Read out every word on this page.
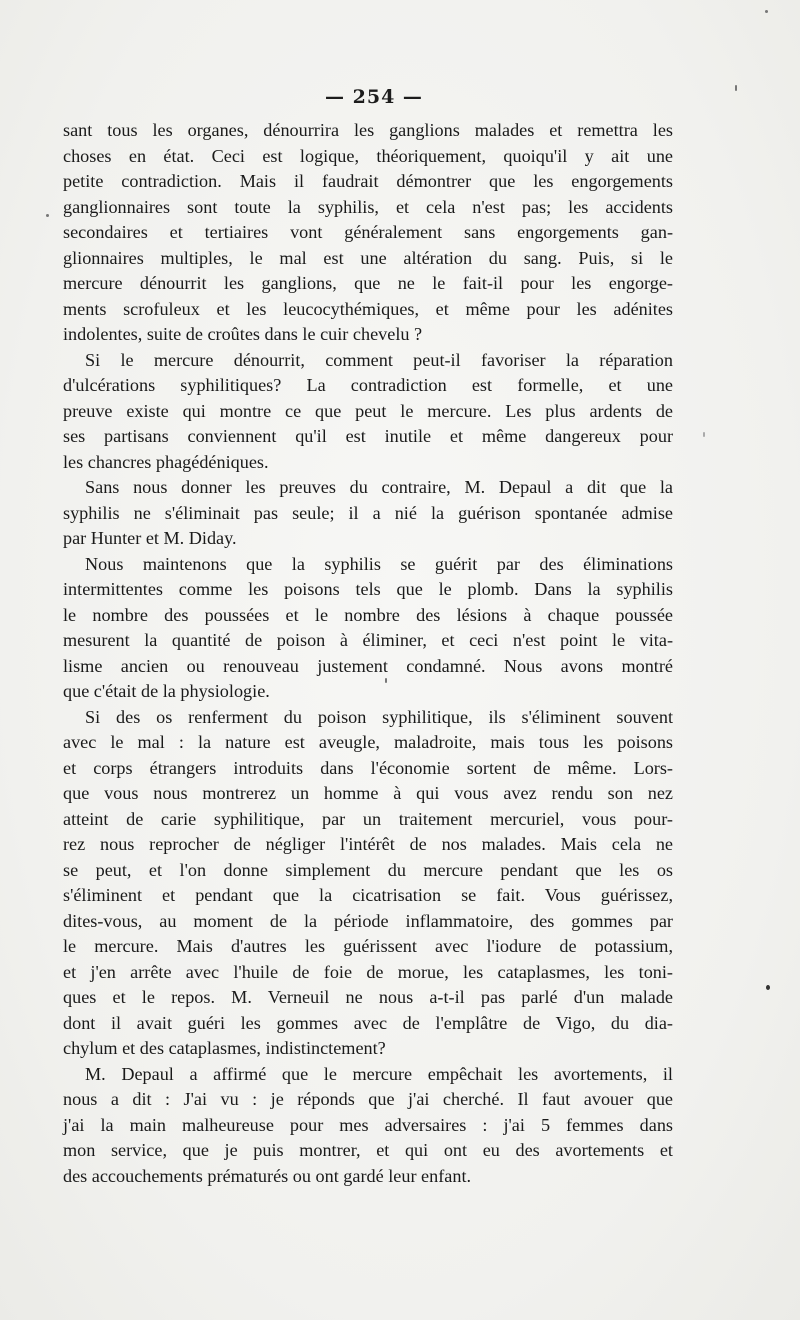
— 254 —
sant tous les organes, dénourrira les ganglions malades et remettra les
choses en état. Ceci est logique, théoriquement, quoiqu'il y ait une
petite contradiction. Mais il faudrait démontrer que les engorgements
ganglionnaires sont toute la syphilis, et cela n'est pas; les accidents
secondaires et tertiaires vont généralement sans engorgements gan-
glionnaires multiples, le mal est une altération du sang. Puis, si le
mercure dénourrit les ganglions, que ne le fait-il pour les engorge-
ments scrofuleux et les leucocythémiques, et même pour les adénites
indolentes, suite de croûtes dans le cuir chevelu ?
Si le mercure dénourrit, comment peut-il favoriser la réparation
d'ulcérations syphilitiques? La contradiction est formelle, et une
preuve existe qui montre ce que peut le mercure. Les plus ardents de
ses partisans conviennent qu'il est inutile et même dangereux pour
les chancres phagédéniques.
Sans nous donner les preuves du contraire, M. Depaul a dit que la
syphilis ne s'éliminait pas seule; il a nié la guérison spontanée admise
par Hunter et M. Diday.
Nous maintenons que la syphilis se guérit par des éliminations
intermittentes comme les poisons tels que le plomb. Dans la syphilis
le nombre des poussées et le nombre des lésions à chaque poussée
mesurent la quantité de poison à éliminer, et ceci n'est point le vita-
lisme ancien ou renouveau justement condamné. Nous avons montré
que c'était de la physiologie.
Si des os renferment du poison syphilitique, ils s'éliminent souvent
avec le mal : la nature est aveugle, maladroite, mais tous les poisons
et corps étrangers introduits dans l'économie sortent de même. Lors-
que vous nous montrerez un homme à qui vous avez rendu son nez
atteint de carie syphilitique, par un traitement mercuriel, vous pour-
rez nous reprocher de négliger l'intérêt de nos malades. Mais cela ne
se peut, et l'on donne simplement du mercure pendant que les os
s'éliminent et pendant que la cicatrisation se fait. Vous guérissez,
dites-vous, au moment de la période inflammatoire, des gommes par
le mercure. Mais d'autres les guérissent avec l'iodure de potassium,
et j'en arrête avec l'huile de foie de morue, les cataplasmes, les toni-
ques et le repos. M. Verneuil ne nous a-t-il pas parlé d'un malade
dont il avait guéri les gommes avec de l'emplâtre de Vigo, du dia-
chylum et des cataplasmes, indistinctement?
M. Depaul a affirmé que le mercure empêchait les avortements, il
nous a dit : J'ai vu : je réponds que j'ai cherché. Il faut avouer que
j'ai la main malheureuse pour mes adversaires : j'ai 5 femmes dans
mon service, que je puis montrer, et qui ont eu des avortements et
des accouchements prématurés ou ont gardé leur enfant.
